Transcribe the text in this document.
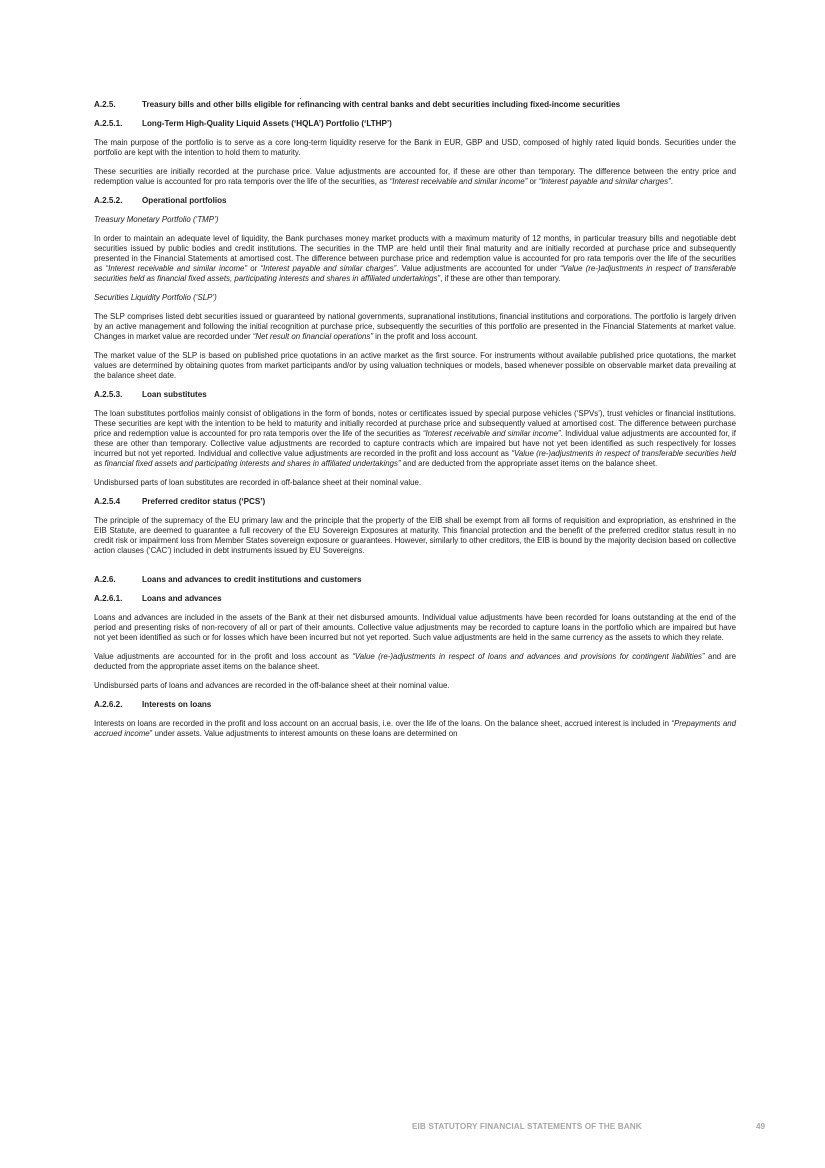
A.2.5.	Treasury bills and other bills eligible for refinancing with central banks and debt securities including fixed-income securities
A.2.5.1. Long-Term High-Quality Liquid Assets (‘HQLA’) Portfolio (‘LTHP’)

The main purpose of the portfolio is to serve as a core long-term liquidity reserve for the Bank in EUR, GBP and USD, composed of highly rated liquid bonds. Securities under the portfolio are kept with the intention to hold them to maturity.

These securities are initially recorded at the purchase price. Value adjustments are accounted for, if these are other than temporary. The difference between the entry price and redemption value is accounted for pro rata temporis over the life of the securities, as “Interest receivable and similar income” or “Interest payable and similar charges”.

A.2.5.2. Operational portfolios
Treasury Monetary Portfolio (‘TMP’)

In order to maintain an adequate level of liquidity, the Bank purchases money market products with a maximum maturity of 12 months, in particular treasury bills and negotiable debt securities issued by public bodies and credit institutions. The securities in the TMP are held until their final maturity and are initially recorded at purchase price and subsequently presented in the Financial Statements at amortised cost. The difference between purchase price and redemption value is accounted for pro rata temporis over the life of the securities as “Interest receivable and similar income” or “Interest payable and similar charges”. Value adjustments are accounted for under “Value (re-)adjustments in respect of transferable securities held as financial fixed assets, participating interests and shares in affiliated undertakings”, if these are other than temporary.

Securities Liquidity Portfolio (‘SLP’)

The SLP comprises listed debt securities issued or guaranteed by national governments, supranational institutions, financial institutions and corporations. The portfolio is largely driven by an active management and following the initial recognition at purchase price, subsequently the securities of this portfolio are presented in the Financial Statements at market value. Changes in market value are recorded under “Net result on financial operations” in the profit and loss account.

The market value of the SLP is based on published price quotations in an active market as the first source. For instruments without available published price quotations, the market values are determined by obtaining quotes from market participants and/or by using valuation techniques or models, based whenever possible on observable market data prevailing at the balance sheet date.

A.2.5.3. Loan substitutes

The loan substitutes portfolios mainly consist of obligations in the form of bonds, notes or certificates issued by special purpose vehicles (‘SPVs’), trust vehicles or financial institutions. These securities are kept with the intention to be held to maturity and initially recorded at purchase price and subsequently valued at amortised cost. The difference between purchase price and redemption value is accounted for pro rata temporis over the life of the securities as “Interest receivable and similar income”. Individual value adjustments are accounted for, if these are other than temporary. Collective value adjustments are recorded to capture contracts which are impaired but have not yet been identified as such respectively for losses incurred but not yet reported. Individual and collective value adjustments are recorded in the profit and loss account as “Value (re-)adjustments in respect of transferable securities held as financial fixed assets and participating interests and shares in affiliated undertakings” and are deducted from the appropriate asset items on the balance sheet.

Undisbursed parts of loan substitutes are recorded in off-balance sheet at their nominal value.

A.2.5.4	Preferred creditor status (‘PCS’)

The principle of the supremacy of the EU primary law and the principle that the property of the EIB shall be exempt from all forms of requisition and expropriation, as enshrined in the EIB Statute, are deemed to guarantee a full recovery of the EU Sovereign Exposures at maturity. This financial protection and the benefit of the preferred creditor status result in no credit risk or impairment loss from Member States sovereign exposure or guarantees. However, similarly to other creditors, the EIB is bound by the majority decision based on collective action clauses (‘CAC’) included in debt instruments issued by EU Sovereigns.

A.2.6.	Loans and advances to credit institutions and customers
A.2.6.1. Loans and advances

Loans and advances are included in the assets of the Bank at their net disbursed amounts. Individual value adjustments have been recorded for loans outstanding at the end of the period and presenting risks of non-recovery of all or part of their amounts. Collective value adjustments may be recorded to capture loans in the portfolio which are impaired but have not yet been identified as such or for losses which have been incurred but not yet reported. Such value adjustments are held in the same currency as the assets to which they relate.

Value adjustments are accounted for in the profit and loss account as “Value (re-)adjustments in respect of loans and advances and provisions for contingent liabilities” and are deducted from the appropriate asset items on the balance sheet.

Undisbursed parts of loans and advances are recorded in the off-balance sheet at their nominal value.

A.2.6.2. Interests on loans

Interests on loans are recorded in the profit and loss account on an accrual basis, i.e. over the life of the loans. On the balance sheet, accrued interest is included in “Prepayments and accrued income” under assets. Value adjustments to interest amounts on these loans are determined on

EIB STATUTORY FINANCIAL STATEMENTS OF THE BANK	49
